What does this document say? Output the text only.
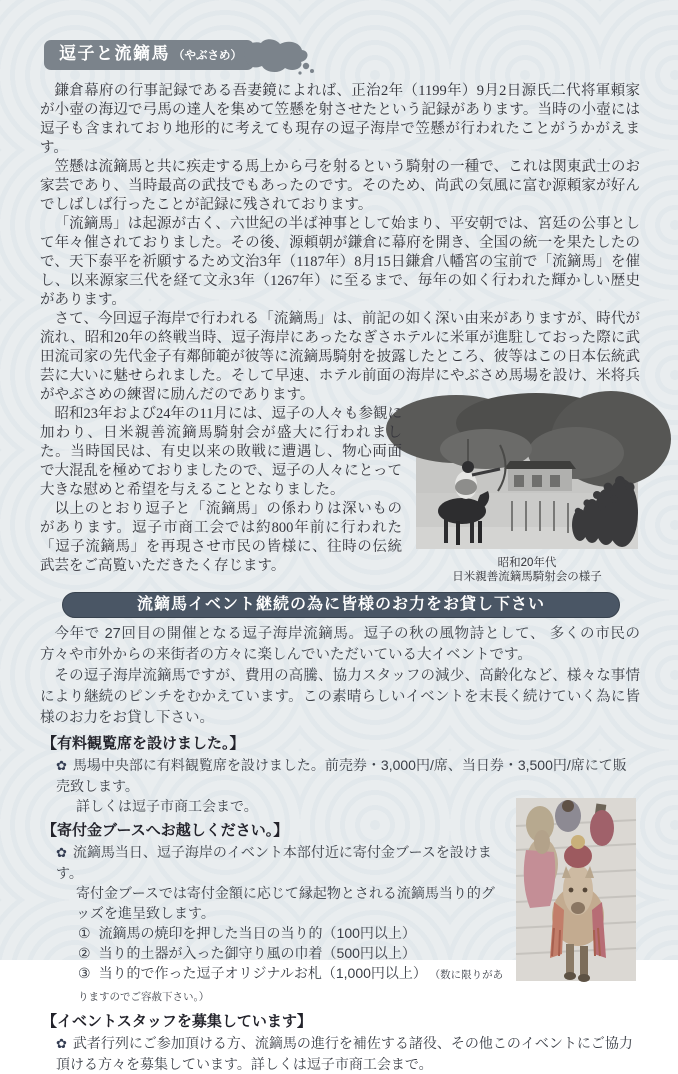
逗子と流鏑馬 （やぶさめ）

鎌倉幕府の行事記録である吾妻鏡によれば、正治2年（1199年）9月2日源氏二代将軍頼家が小壺の海辺で弓馬の達人を集めて笠懸を射させたという記録があります。当時の小壺には逗子も含まれており地形的に考えても現存の逗子海岸で笠懸が行われたことがうかがえます。

笠懸は流鏑馬と共に疾走する馬上から弓を射るという騎射の一種で、これは関東武士のお家芸であり、当時最高の武技でもあったのです。そのため、尚武の気風に富む源頼家が好んでしばしば行ったことが記録に残されております。

「流鏑馬」は起源が古く、六世紀の半ば神事として始まり、平安朝では、宮廷の公事として年々催されておりました。その後、源頼朝が鎌倉に幕府を開き、全国の統一を果たしたので、天下泰平を祈願するため文治3年（1187年）8月15日鎌倉八幡宮の宝前で「流鏑馬」を催し、以来源家三代を経て文永3年（1267年）に至るまで、毎年の如く行われた輝かしい歴史があります。

さて、今回逗子海岸で行われる「流鏑馬」は、前記の如く深い由来がありますが、時代が流れ、昭和20年の終戦当時、逗子海岸にあったなぎさホテルに米軍が進駐しておった際に武田流司家の先代金子有鄰師範が彼等に流鏑馬騎射を披露したところ、彼等はこの日本伝統武芸に大いに魅せられました。そして早速、ホテル前面の海岸にやぶさめ馬場を設け、米将兵がやぶさめの練習に励んだのであります。

昭和20年代
日米親善流鏑馬騎射会の様子

昭和23年および24年の11月には、逗子の人々も参観に加わり、日米親善流鏑馬騎射会が盛大に行われました。当時国民は、有史以来の敗戦に遭遇し、物心両面で大混乱を極めておりましたので、逗子の人々にとって大きな慰めと希望を与えることとなりました。

以上のとおり逗子と「流鏑馬」の係わりは深いものがあります。逗子市商工会では約800年前に行われた「逗子流鏑馬」を再現させ市民の皆様に、往時の伝統武芸をご高覧いただきたく存じます。

流鏑馬イベント継続の為に皆様のお力をお貸し下さい

今年で 27回目の開催となる逗子海岸流鏑馬。逗子の秋の風物詩として、 多くの市民の方々や市外からの来街者の方々に楽しんでいただいている大イベントです。

その逗子海岸流鏑馬ですが、費用の高騰、協力スタッフの減少、高齢化など、様々な事情により継続のピンチをむかえています。この素晴らしいイベントを末長く続けていく為に皆様のお力をお貸し下さい。

【有料観覧席を設けました。】
✿ 馬場中央部に有料観覧席を設けました。前売券・3,000円/席、当日券・3,500円/席にて販売致します。
詳しくは逗子市商工会まで。
【寄付金ブースへお越しください。】
✿ 流鏑馬当日、逗子海岸のイベント本部付近に寄付金ブースを設けます。
寄付金ブースでは寄付金額に応じて縁起物とされる流鏑馬当り的グッズを進呈致します。
① 流鏑馬の焼印を押した当日の当り的（100円以上）
② 当り的土器が入った御守り風の巾着（500円以上）
③ 当り的で作った逗子オリジナルお札（1,000円以上） （数に限りがありますのでご容赦下さい。）
【イベントスタッフを募集しています】
✿ 武者行列にご参加頂ける方、流鏑馬の進行を補佐する諸役、その他このイベントにご協力頂ける方々を募集しています。詳しくは逗子市商工会まで。
